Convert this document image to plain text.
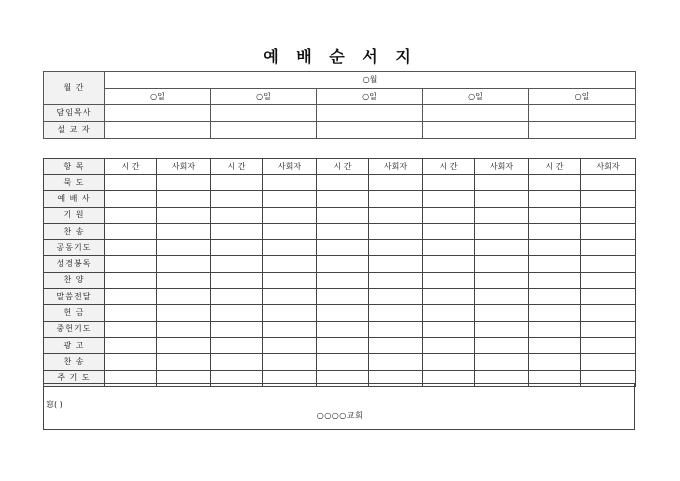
예 배 순 서 지
월 간	○월				
	○일	○일	○일	○일	○일
담임목사					
설 교 자					
항 목	시 간	사회자	시 간	사회자	시 간	사회자	시 간	사회자	시 간	사회자
묵 도										
예 배 사										
기 원										
찬 송										
공동기도										
성경봉독										
찬 양										
말씀전달										
헌 금										
중헌기도										
광 고										
찬 송										
주 기 도										
窓( )
○○○○교회
